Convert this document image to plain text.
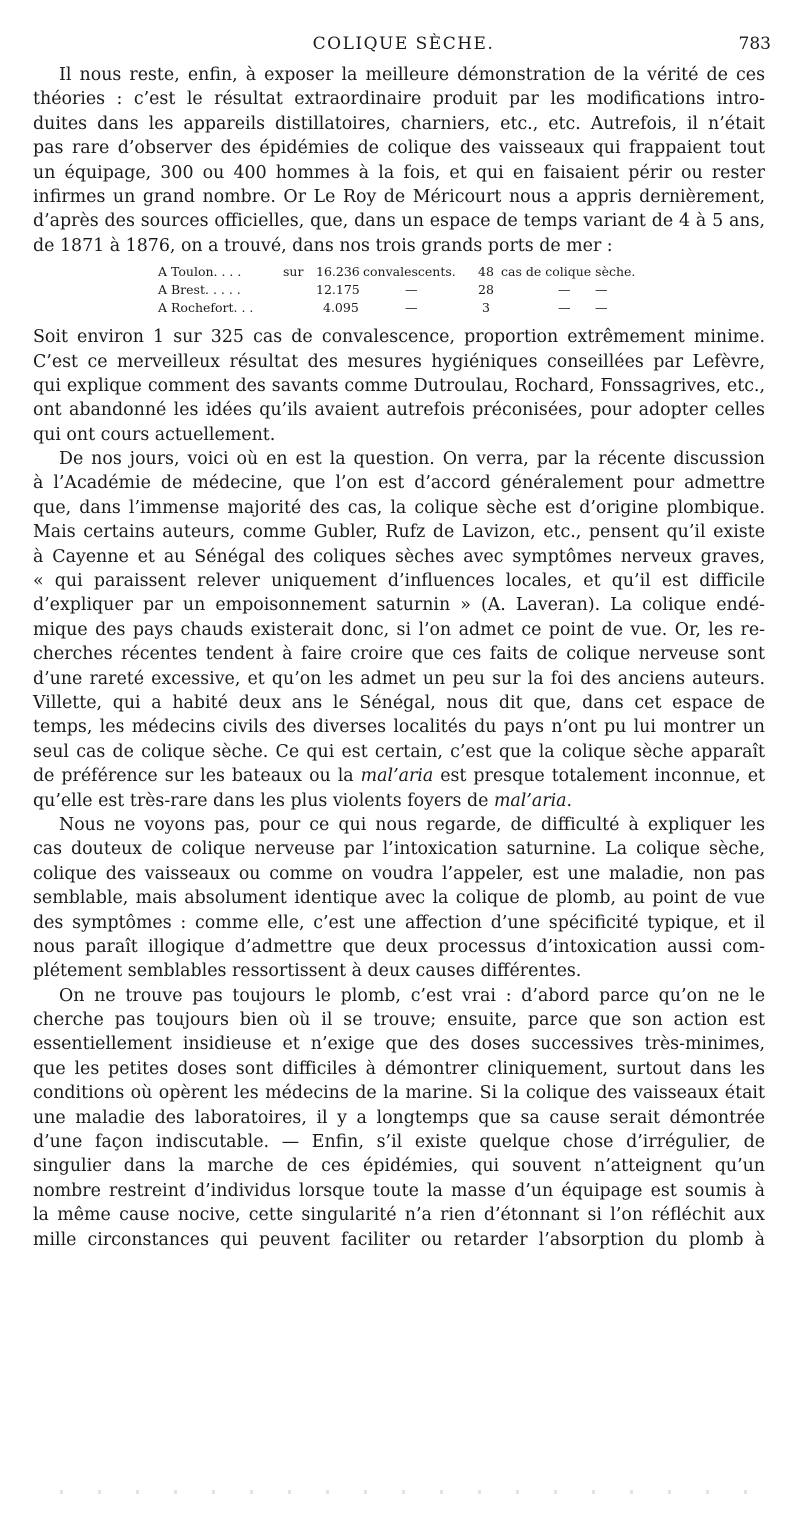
COLIQUE SÈCHE.	783
Il nous reste, enfin, à exposer la meilleure démonstration de la vérité de ces
théories : c’est le résultat extraordinaire produit par les modifications intro-
duites dans les appareils distillatoires, charniers, etc., etc. Autrefois, il n’était
pas rare d’observer des épidémies de colique des vaisseaux qui frappaient tout
un équipage, 300 ou 400 hommes à la fois, et qui en faisaient périr ou rester
infirmes un grand nombre. Or Le Roy de Méricourt nous a appris dernièrement,
d’après des sources officielles, que, dans un espace de temps variant de 4 à 5 ans,
de 1871 à 1876, on a trouvé, dans nos trois grands ports de mer :
A Toulon. . . .	sur 16.236 convalescents. 48 cas de colique sèche.
A Brest. . . . .	12.175	—	28	— —
A Rochefort. . .	4.095	—	3	— —
Soit environ 1 sur 325 cas de convalescence, proportion extrêmement minime.
C’est ce merveilleux résultat des mesures hygiéniques conseillées par Lefèvre,
qui explique comment des savants comme Dutroulau, Rochard, Fonssagrives, etc.,
ont abandonné les idées qu’ils avaient autrefois préconisées, pour adopter celles
qui ont cours actuellement.
De nos jours, voici où en est la question. On verra, par la récente discussion
à l’Académie de médecine, que l’on est d’accord généralement pour admettre
que, dans l’immense majorité des cas, la colique sèche est d’origine plombique.
Mais certains auteurs, comme Gubler, Rufz de Lavizon, etc., pensent qu’il existe
à Cayenne et au Sénégal des coliques sèches avec symptômes nerveux graves,
« qui paraissent relever uniquement d’influences locales, et qu’il est difficile
d’expliquer par un empoisonnement saturnin » (A. Laveran). La colique endé-
mique des pays chauds existerait donc, si l’on admet ce point de vue. Or, les re-
cherches récentes tendent à faire croire que ces faits de colique nerveuse sont
d’une rareté excessive, et qu’on les admet un peu sur la foi des anciens auteurs.
Villette, qui a habité deux ans le Sénégal, nous dit que, dans cet espace de
temps, les médecins civils des diverses localités du pays n’ont pu lui montrer un
seul cas de colique sèche. Ce qui est certain, c’est que la colique sèche apparaît
de préférence sur les bateaux ou la mal’aria est presque totalement inconnue, et
qu’elle est très-rare dans les plus violents foyers de mal’aria.
Nous ne voyons pas, pour ce qui nous regarde, de difficulté à expliquer les
cas douteux de colique nerveuse par l’intoxication saturnine. La colique sèche,
colique des vaisseaux ou comme on voudra l’appeler, est une maladie, non pas
semblable, mais absolument identique avec la colique de plomb, au point de vue
des symptômes : comme elle, c’est une affection d’une spécificité typique, et il
nous paraît illogique d’admettre que deux processus d’intoxication aussi com-
plétement semblables ressortissent à deux causes différentes.
On ne trouve pas toujours le plomb, c’est vrai : d’abord parce qu’on ne le
cherche pas toujours bien où il se trouve; ensuite, parce que son action est
essentiellement insidieuse et n’exige que des doses successives très-minimes,
que les petites doses sont difficiles à démontrer cliniquement, surtout dans les
conditions où opèrent les médecins de la marine. Si la colique des vaisseaux était
une maladie des laboratoires, il y a longtemps que sa cause serait démontrée
d’une façon indiscutable. — Enfin, s’il existe quelque chose d’irrégulier, de
singulier dans la marche de ces épidémies, qui souvent n’atteignent qu’un
nombre restreint d’individus lorsque toute la masse d’un équipage est soumis à
la même cause nocive, cette singularité n’a rien d’étonnant si l’on réfléchit aux
mille circonstances qui peuvent faciliter ou retarder l’absorption du plomb à
